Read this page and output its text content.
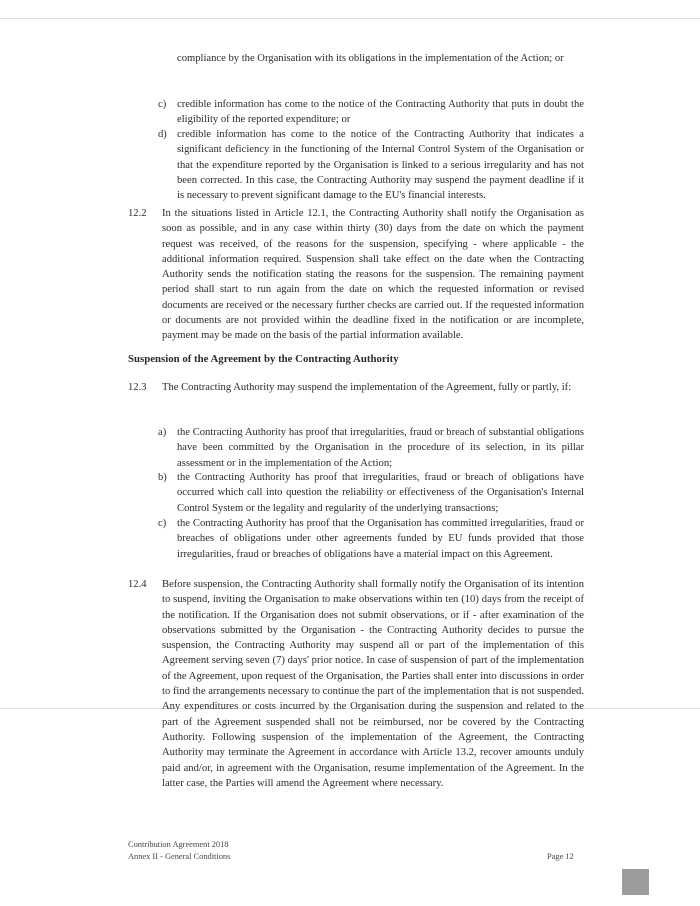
compliance by the Organisation with its obligations in the implementation of the Action; or
c) credible information has come to the notice of the Contracting Authority that puts in doubt the eligibility of the reported expenditure; or
d) credible information has come to the notice of the Contracting Authority that indicates a significant deficiency in the functioning of the Internal Control System of the Organisation or that the expenditure reported by the Organisation is linked to a serious irregularity and has not been corrected. In this case, the Contracting Authority may suspend the payment deadline if it is necessary to prevent significant damage to the EU's financial interests.
12.2 In the situations listed in Article 12.1, the Contracting Authority shall notify the Organisation as soon as possible, and in any case within thirty (30) days from the date on which the payment request was received, of the reasons for the suspension, specifying - where applicable - the additional information required. Suspension shall take effect on the date when the Contracting Authority sends the notification stating the reasons for the suspension. The remaining payment period shall start to run again from the date on which the requested information or revised documents are received or the necessary further checks are carried out. If the requested information or documents are not provided within the deadline fixed in the notification or are incomplete, payment may be made on the basis of the partial information available.
Suspension of the Agreement by the Contracting Authority
12.3 The Contracting Authority may suspend the implementation of the Agreement, fully or partly, if:
a) the Contracting Authority has proof that irregularities, fraud or breach of substantial obligations have been committed by the Organisation in the procedure of its selection, in its pillar assessment or in the implementation of the Action;
b) the Contracting Authority has proof that irregularities, fraud or breach of obligations have occurred which call into question the reliability or effectiveness of the Organisation's Internal Control System or the legality and regularity of the underlying transactions;
c) the Contracting Authority has proof that the Organisation has committed irregularities, fraud or breaches of obligations under other agreements funded by EU funds provided that those irregularities, fraud or breaches of obligations have a material impact on this Agreement.
12.4 Before suspension, the Contracting Authority shall formally notify the Organisation of its intention to suspend, inviting the Organisation to make observations within ten (10) days from the receipt of the notification. If the Organisation does not submit observations, or if - after examination of the observations submitted by the Organisation - the Contracting Authority decides to pursue the suspension, the Contracting Authority may suspend all or part of the implementation of this Agreement serving seven (7) days' prior notice. In case of suspension of part of the implementation of the Agreement, upon request of the Organisation, the Parties shall enter into discussions in order to find the arrangements necessary to continue the part of the implementation that is not suspended. Any expenditures or costs incurred by the Organisation during the suspension and related to the part of the Agreement suspended shall not be reimbursed, nor be covered by the Contracting Authority. Following suspension of the implementation of the Agreement, the Contracting Authority may terminate the Agreement in accordance with Article 13.2, recover amounts unduly paid and/or, in agreement with the Organisation, resume implementation of the Agreement. In the latter case, the Parties will amend the Agreement where necessary.
Contribution Agreement 2018
Annex II - General Conditions	Page 12
